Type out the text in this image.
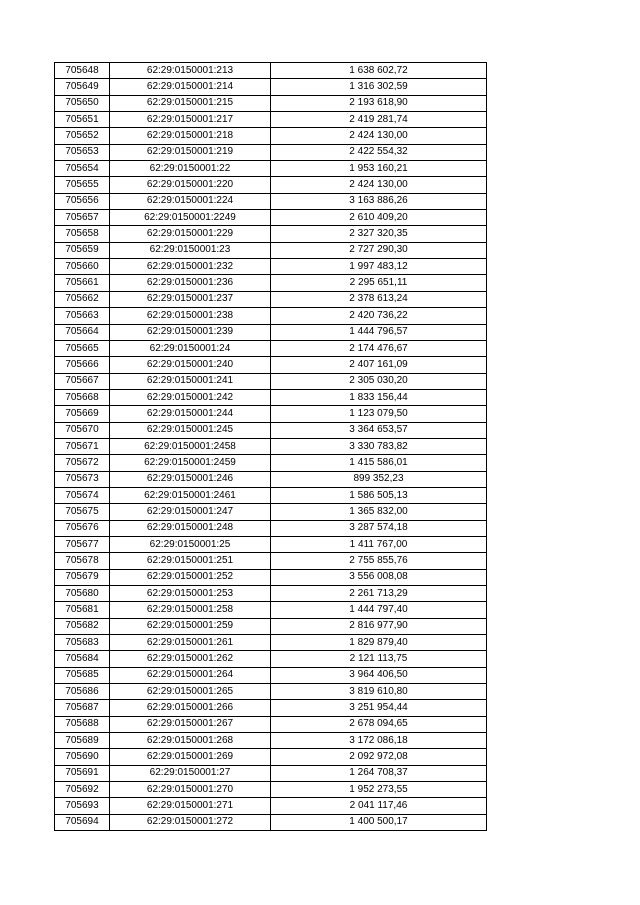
705648	62:29:0150001:213	1 638 602,72
705649	62:29:0150001:214	1 316 302,59
705650	62:29:0150001:215	2 193 618,90
705651	62:29:0150001:217	2 419 281,74
705652	62:29:0150001:218	2 424 130,00
705653	62:29:0150001:219	2 422 554,32
705654	62:29:0150001:22	1 953 160,21
705655	62:29:0150001:220	2 424 130,00
705656	62:29:0150001:224	3 163 886,26
705657	62:29:0150001:2249	2 610 409,20
705658	62:29:0150001:229	2 327 320,35
705659	62:29:0150001:23	2 727 290,30
705660	62:29:0150001:232	1 997 483,12
705661	62:29:0150001:236	2 295 651,11
705662	62:29:0150001:237	2 378 613,24
705663	62:29:0150001:238	2 420 736,22
705664	62:29:0150001:239	1 444 796,57
705665	62:29:0150001:24	2 174 476,67
705666	62:29:0150001:240	2 407 161,09
705667	62:29:0150001:241	2 305 030,20
705668	62:29:0150001:242	1 833 156,44
705669	62:29:0150001:244	1 123 079,50
705670	62:29:0150001:245	3 364 653,57
705671	62:29:0150001:2458	3 330 783,82
705672	62:29:0150001:2459	1 415 586,01
705673	62:29:0150001:246	899 352,23
705674	62:29:0150001:2461	1 586 505,13
705675	62:29:0150001:247	1 365 832,00
705676	62:29:0150001:248	3 287 574,18
705677	62:29:0150001:25	1 411 767,00
705678	62:29:0150001:251	2 755 855,76
705679	62:29:0150001:252	3 556 008,08
705680	62:29:0150001:253	2 261 713,29
705681	62:29:0150001:258	1 444 797,40
705682	62:29:0150001:259	2 816 977,90
705683	62:29:0150001:261	1 829 879,40
705684	62:29:0150001:262	2 121 113,75
705685	62:29:0150001:264	3 964 406,50
705686	62:29:0150001:265	3 819 610,80
705687	62:29:0150001:266	3 251 954,44
705688	62:29:0150001:267	2 678 094,65
705689	62:29:0150001:268	3 172 086,18
705690	62:29:0150001:269	2 092 972,08
705691	62:29:0150001:27	1 264 708,37
705692	62:29:0150001:270	1 952 273,55
705693	62:29:0150001:271	2 041 117,46
705694	62:29:0150001:272	1 400 500,17
